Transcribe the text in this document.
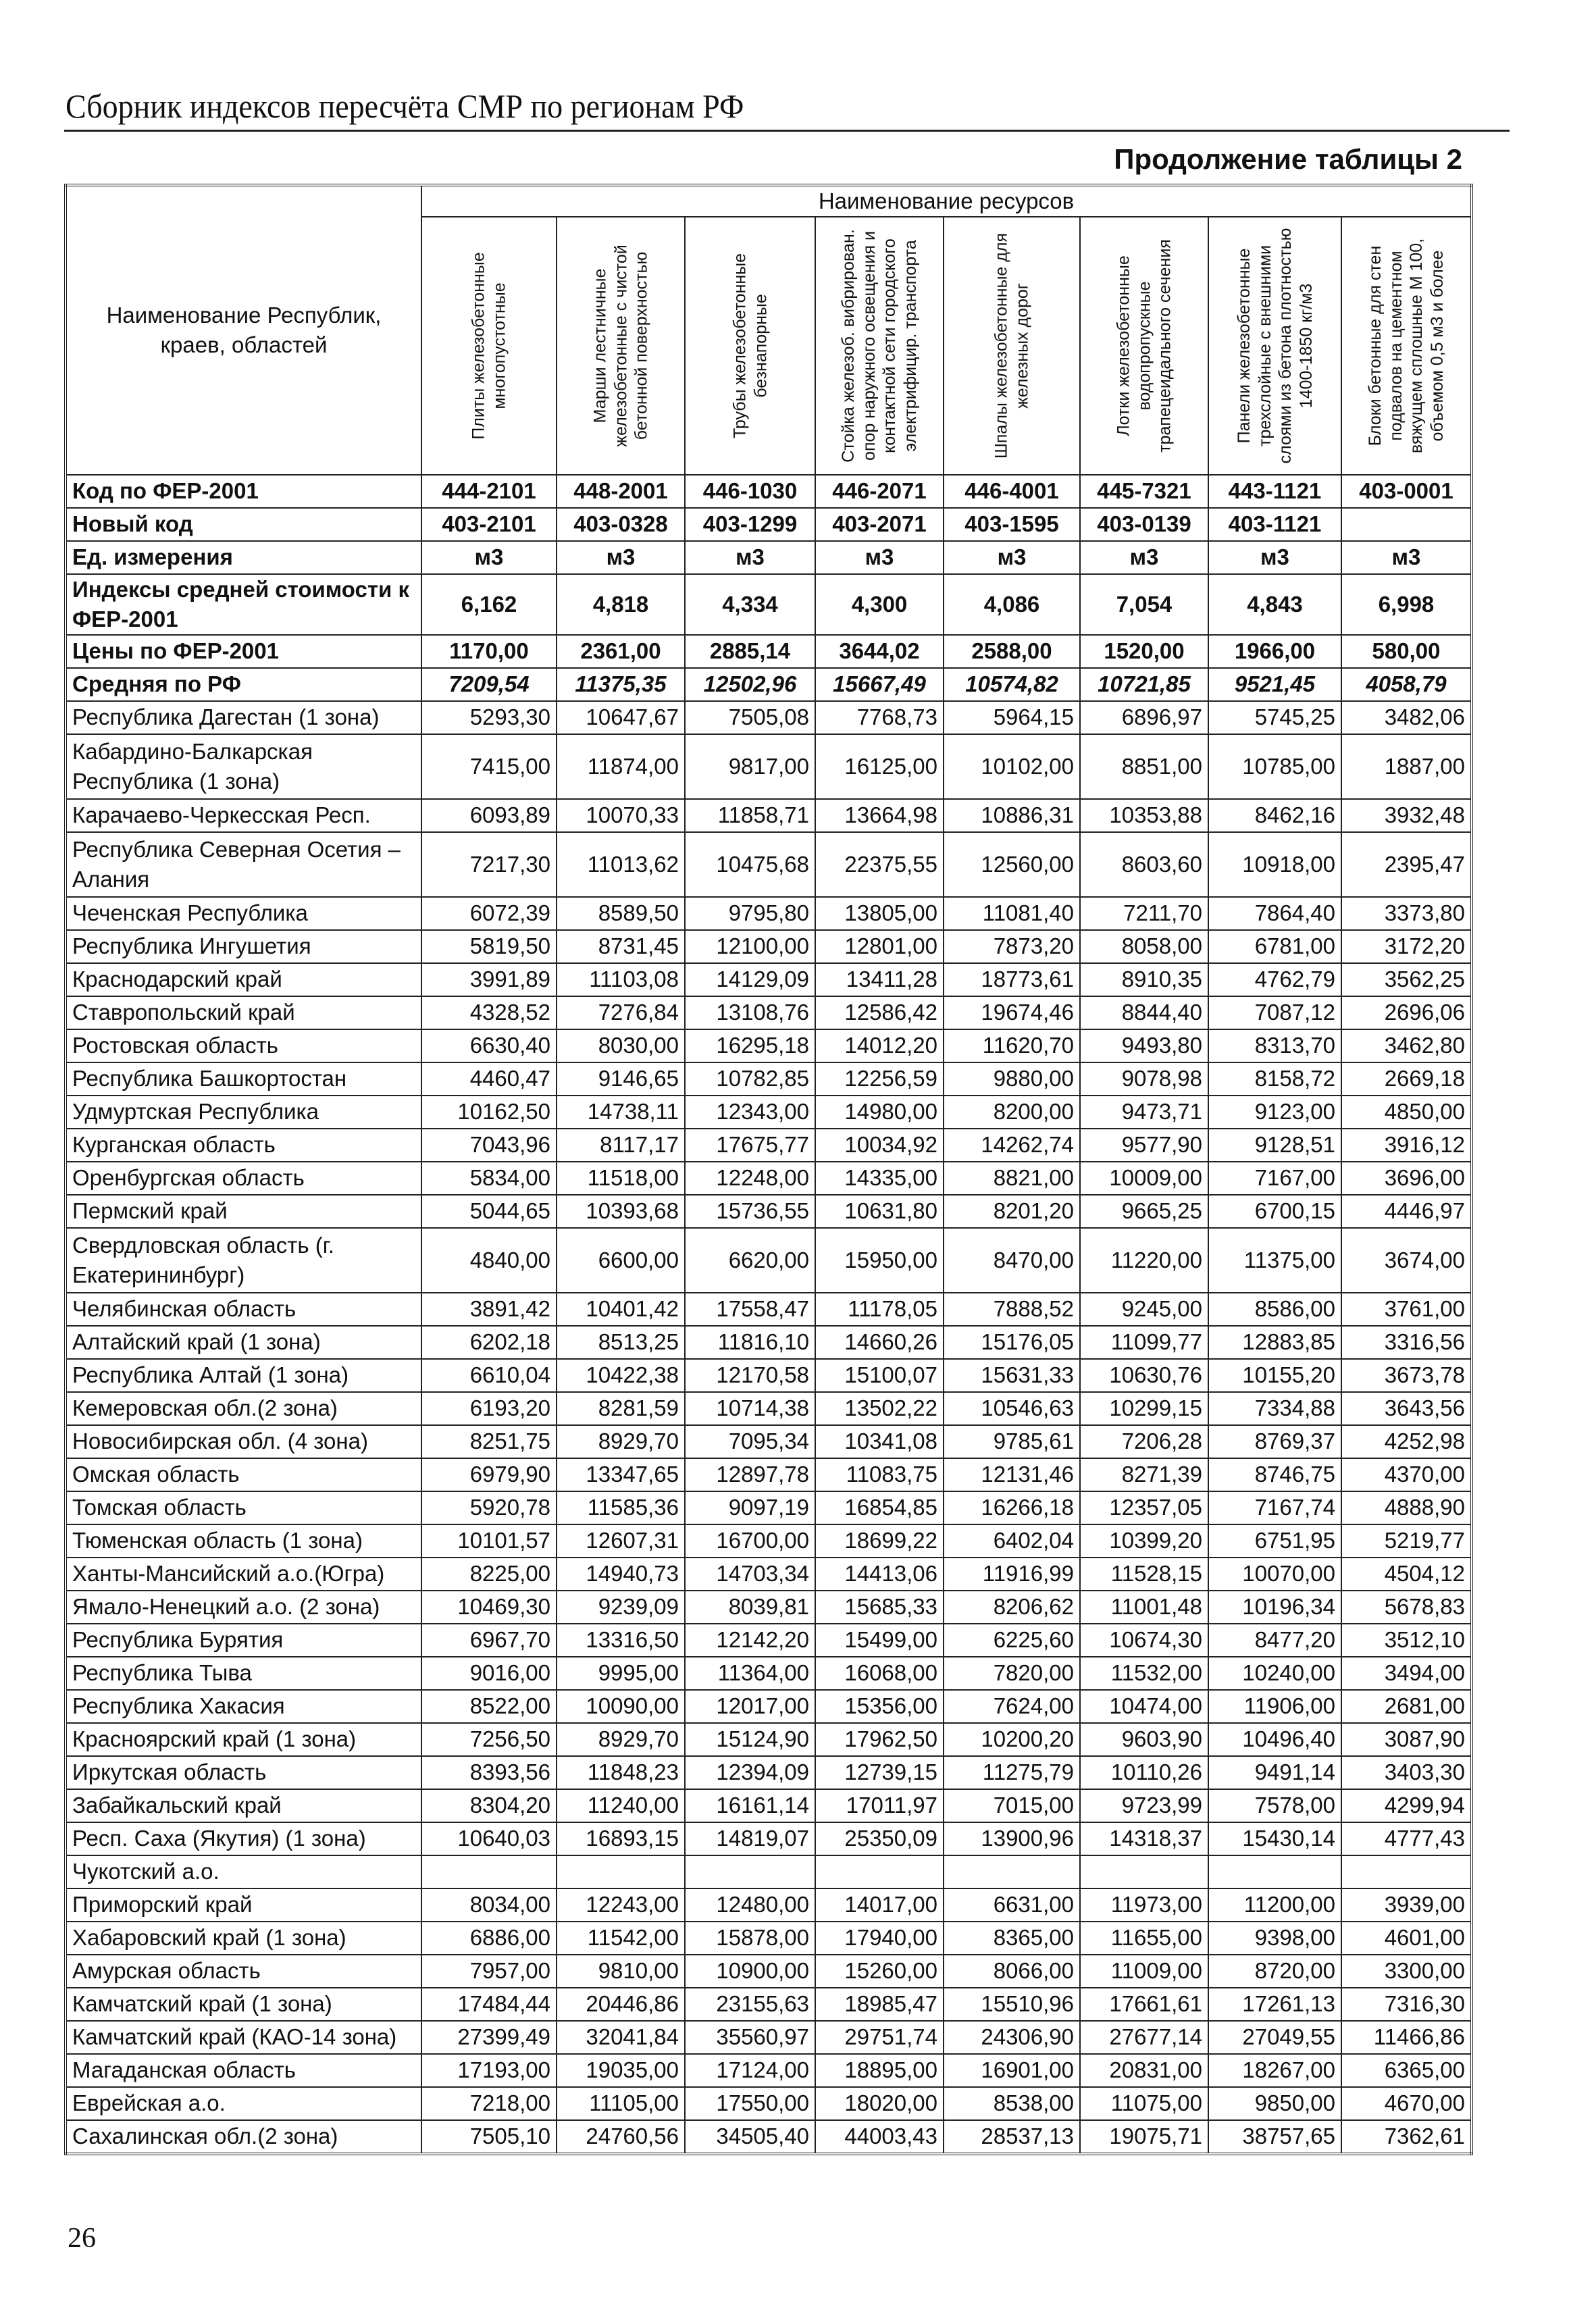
Сборник индексов пересчёта СМР по регионам РФ
Продолжение таблицы 2
Наименование Республик, краев, областей	Наименование ресурсов							

	Плиты железобетонные многопустотные	Марши лестничные железобетонные с чистой бетонной поверхностью	Трубы железобетонные безнапорные	Стойка железоб. вибрирован. опор наружного освещения и контактной сети городского электрифицир. транспорта	Шпалы железобетонные для железных дорог	Лотки железобетонные водопропускные трапецеидального сечения	Панели железобетонные трехслойные с внешними слоями из бетона плотностью 1400-1850 кг/м3	Блоки бетонные для стен подвалов на цементном вяжущем сплошные М 100, объемом 0,5 м3 и более

Код по ФЕР-2001	444-2101	448-2001	446-1030	446-2071	446-4001	445-7321	443-1121	403-0001
Новый код	403-2101	403-0328	403-1299	403-2071	403-1595	403-0139	403-1121	
Ед. измерения	м3	м3	м3	м3	м3	м3	м3	м3
Индексы средней стоимости к ФЕР-2001	6,162	4,818	4,334	4,300	4,086	7,054	4,843	6,998
Цены по ФЕР-2001	1170,00	2361,00	2885,14	3644,02	2588,00	1520,00	1966,00	580,00
Средняя по РФ	7209,54	11375,35	12502,96	15667,49	10574,82	10721,85	9521,45	4058,79
Республика Дагестан (1 зона)	5293,30	10647,67	7505,08	7768,73	5964,15	6896,97	5745,25	3482,06
Кабардино-Балкарская Республика (1 зона)	7415,00	11874,00	9817,00	16125,00	10102,00	8851,00	10785,00	1887,00
Карачаево-Черкесская Респ.	6093,89	10070,33	11858,71	13664,98	10886,31	10353,88	8462,16	3932,48
Республика Северная Осетия – Алания	7217,30	11013,62	10475,68	22375,55	12560,00	8603,60	10918,00	2395,47
Чеченская Республика	6072,39	8589,50	9795,80	13805,00	11081,40	7211,70	7864,40	3373,80
Республика Ингушетия	5819,50	8731,45	12100,00	12801,00	7873,20	8058,00	6781,00	3172,20
Краснодарский край	3991,89	11103,08	14129,09	13411,28	18773,61	8910,35	4762,79	3562,25
Ставропольский край	4328,52	7276,84	13108,76	12586,42	19674,46	8844,40	7087,12	2696,06
Ростовская область	6630,40	8030,00	16295,18	14012,20	11620,70	9493,80	8313,70	3462,80
Республика Башкортостан	4460,47	9146,65	10782,85	12256,59	9880,00	9078,98	8158,72	2669,18
Удмуртская Республика	10162,50	14738,11	12343,00	14980,00	8200,00	9473,71	9123,00	4850,00
Курганская область	7043,96	8117,17	17675,77	10034,92	14262,74	9577,90	9128,51	3916,12
Оренбургская область	5834,00	11518,00	12248,00	14335,00	8821,00	10009,00	7167,00	3696,00
Пермский край	5044,65	10393,68	15736,55	10631,80	8201,20	9665,25	6700,15	4446,97
Свердловская область (г. Екатерининбург)	4840,00	6600,00	6620,00	15950,00	8470,00	11220,00	11375,00	3674,00
Челябинская область	3891,42	10401,42	17558,47	11178,05	7888,52	9245,00	8586,00	3761,00
Алтайский край (1 зона)	6202,18	8513,25	11816,10	14660,26	15176,05	11099,77	12883,85	3316,56
Республика Алтай (1 зона)	6610,04	10422,38	12170,58	15100,07	15631,33	10630,76	10155,20	3673,78
Кемеровская обл.(2 зона)	6193,20	8281,59	10714,38	13502,22	10546,63	10299,15	7334,88	3643,56
Новосибирская обл. (4 зона)	8251,75	8929,70	7095,34	10341,08	9785,61	7206,28	8769,37	4252,98
Омская область	6979,90	13347,65	12897,78	11083,75	12131,46	8271,39	8746,75	4370,00
Томская область	5920,78	11585,36	9097,19	16854,85	16266,18	12357,05	7167,74	4888,90
Тюменская область (1 зона)	10101,57	12607,31	16700,00	18699,22	6402,04	10399,20	6751,95	5219,77
Ханты-Мансийский а.о.(Югра)	8225,00	14940,73	14703,34	14413,06	11916,99	11528,15	10070,00	4504,12
Ямало-Ненецкий а.о. (2 зона)	10469,30	9239,09	8039,81	15685,33	8206,62	11001,48	10196,34	5678,83
Республика Бурятия	6967,70	13316,50	12142,20	15499,00	6225,60	10674,30	8477,20	3512,10
Республика Тыва	9016,00	9995,00	11364,00	16068,00	7820,00	11532,00	10240,00	3494,00
Республика Хакасия	8522,00	10090,00	12017,00	15356,00	7624,00	10474,00	11906,00	2681,00
Красноярский край (1 зона)	7256,50	8929,70	15124,90	17962,50	10200,20	9603,90	10496,40	3087,90
Иркутская область	8393,56	11848,23	12394,09	12739,15	11275,79	10110,26	9491,14	3403,30
Забайкальский край	8304,20	11240,00	16161,14	17011,97	7015,00	9723,99	7578,00	4299,94
Респ. Саха (Якутия) (1 зона)	10640,03	16893,15	14819,07	25350,09	13900,96	14318,37	15430,14	4777,43
Чукотский а.о.								
Приморский край	8034,00	12243,00	12480,00	14017,00	6631,00	11973,00	11200,00	3939,00
Хабаровский край (1 зона)	6886,00	11542,00	15878,00	17940,00	8365,00	11655,00	9398,00	4601,00
Амурская область	7957,00	9810,00	10900,00	15260,00	8066,00	11009,00	8720,00	3300,00
Камчатский край (1 зона)	17484,44	20446,86	23155,63	18985,47	15510,96	17661,61	17261,13	7316,30
Камчатский край (КАО-14 зона)	27399,49	32041,84	35560,97	29751,74	24306,90	27677,14	27049,55	11466,86
Магаданская область	17193,00	19035,00	17124,00	18895,00	16901,00	20831,00	18267,00	6365,00
Еврейская а.о.	7218,00	11105,00	17550,00	18020,00	8538,00	11075,00	9850,00	4670,00
Сахалинская обл.(2 зона)	7505,10	24760,56	34505,40	44003,43	28537,13	19075,71	38757,65	7362,61
26
